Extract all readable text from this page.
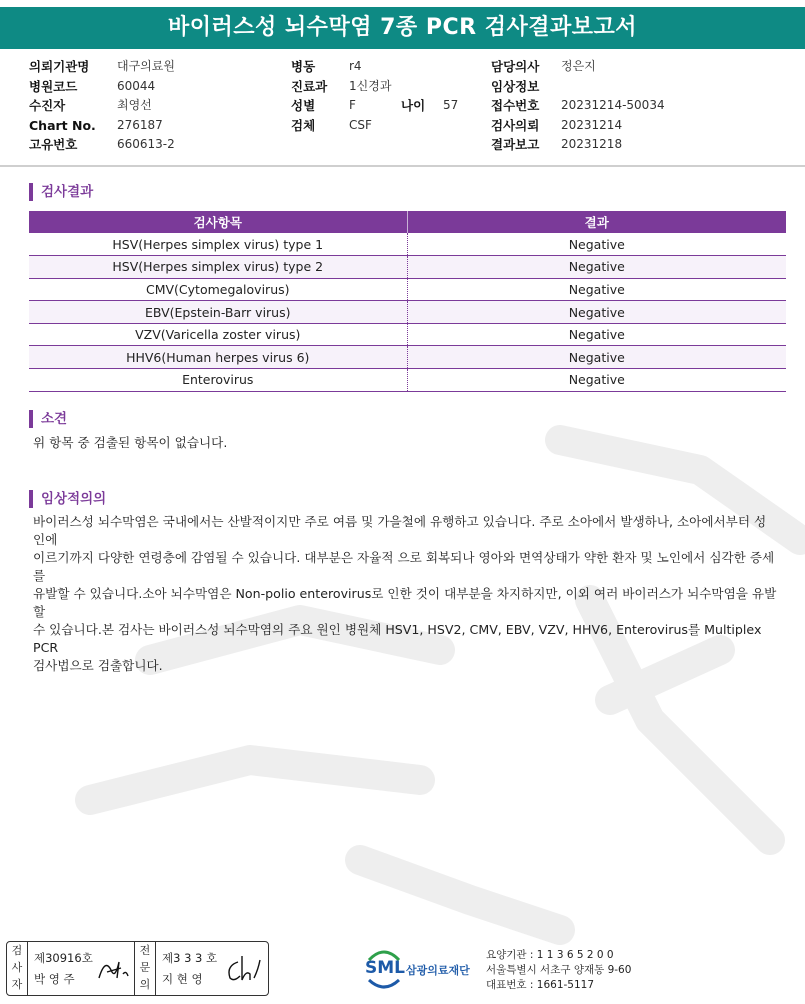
바이러스성 뇌수막염 7종 PCR 검사결과보고서
의뢰기관명 대구의료원
병원코드	60044
수진자	최영선
Chart No. 276187
고유번호	660613-2
병동	r4
진료과 1신경과
성별	F	나이 57
검체	CSF
담당의사 정은지
임상정보
접수번호 20231214-50034
검사의뢰 20231214
결과보고 20231218
검사결과
검사항목	결과
HSV(Herpes simplex virus) type 1	Negative
HSV(Herpes simplex virus) type 2	Negative
CMV(Cytomegalovirus)	Negative
EBV(Epstein-Barr virus)	Negative
VZV(Varicella zoster virus)	Negative
HHV6(Human herpes virus 6)	Negative
Enterovirus	Negative
소견
위 항목 중 검출된 항목이 없습니다.
임상적의의
바이러스성 뇌수막염은 국내에서는 산발적이지만 주로 여름 및 가을철에 유행하고 있습니다. 주로 소아에서 발생하나, 소아에서부터 성인에
이르기까지 다양한 연령층에 감염될 수 있습니다. 대부분은 자율적 으로 회복되나 영아와 면역상태가 약한 환자 및 노인에서 심각한 증세를
유발할 수 있습니다.소아 뇌수막염은 Non-polio enterovirus로 인한 것이 대부분을 차지하지만, 이외 여러 바이러스가 뇌수막염을 유발할
수 있습니다.본 검사는 바이러스성 뇌수막염의 주요 원인 병원체 HSV1, HSV2, CMV, EBV, VZV, HHV6, Enterovirus를 Multiplex PCR
검사법으로 검출합니다.
검
사
자
제30916호
박 영 주
전
문
의
제3 3 3 호
지 현 영
SML 삼광의료재단
요양기관 : 1 1 3 6 5 2 0 0
서울특별시 서초구 양재동 9-60
대표번호 : 1661-5117
